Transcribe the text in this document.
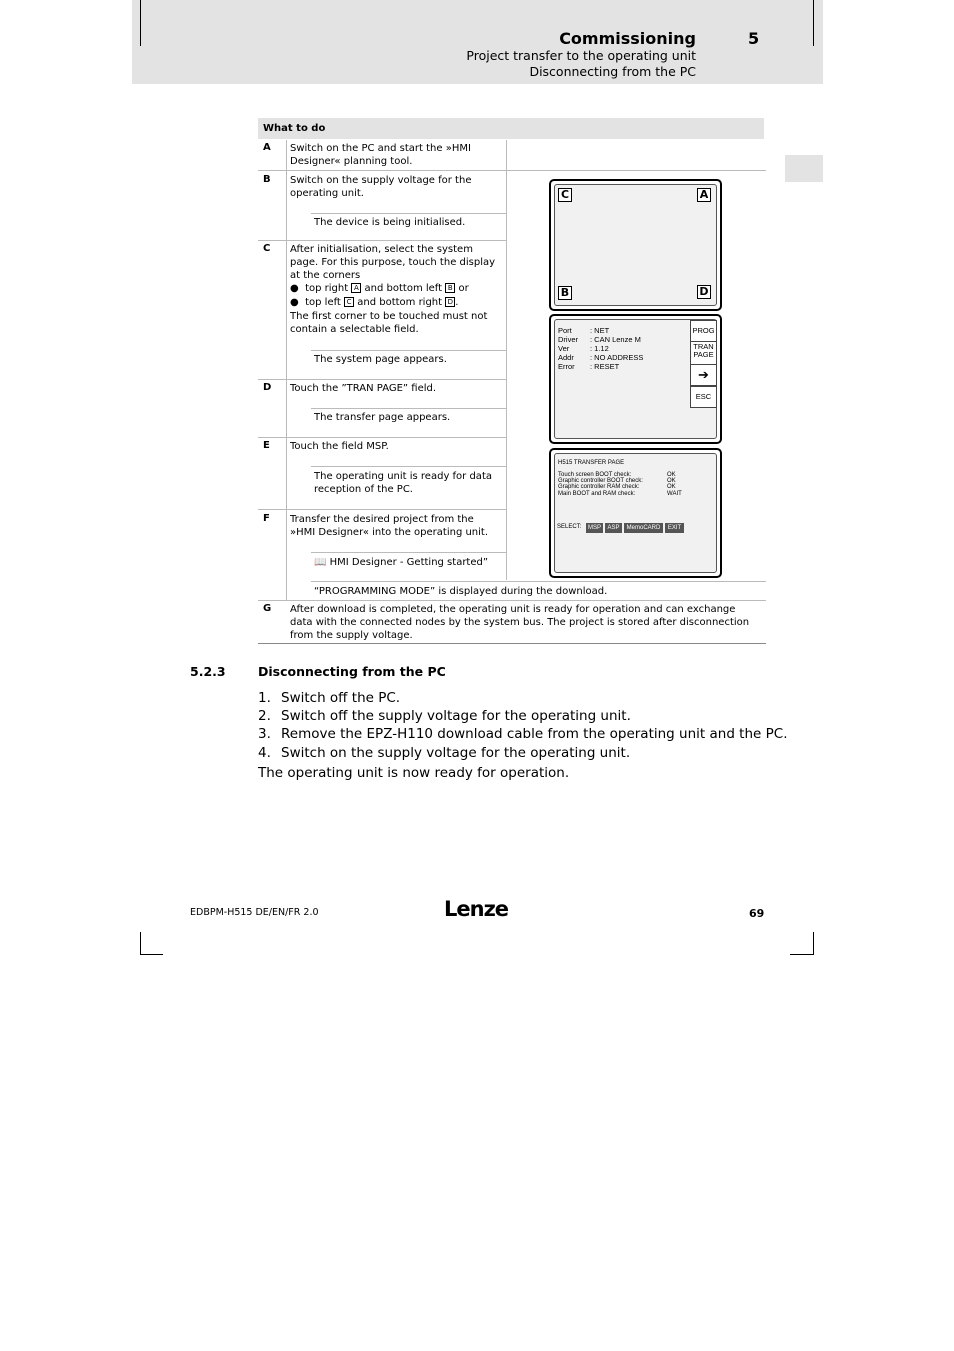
Commissioning	5
Project transfer to the operating unit
Disconnecting from the PC
What to do
A Switch on the PC and start the »HMI Designer« planning tool.
B Switch on the supply voltage for the operating unit.
The device is being initialised.
C After initialisation, select the system page. For this purpose, touch the display at the corners
●  top right A and bottom left B or
●  top left C and bottom right D .
The first corner to be touched must not contain a selectable field.
The system page appears.
D Touch the ”TRAN PAGE” field.
The transfer page appears.
E Touch the field MSP.
The operating unit is ready for data reception of the PC.
F Transfer the desired project from the »HMI Designer« into the operating unit.
📖 HMI Designer - Getting started”
“PROGRAMMING MODE” is displayed during the download.
G After download is completed, the operating unit is ready for operation and can exchange data with the connected nodes by the system bus. The project is stored after disconnection from the supply voltage.
C	A
B	D
Port : NET
Driver : CAN Lenze M
Ver	: 1.12
Addr : NO ADDRESS
Error : RESET
PROG
TRAN
PAGE
➔
ESC
H515 TRANSFER PAGE
Touch screen BOOT check:	OK
Graphic controller BOOT check:	OK
Graphic controller RAM check:	OK
Main BOOT and RAM check:	WAIT
SELECT:	MSP	ASP	MemoCARD	EXIT
5.2.3	Disconnecting from the PC
1. Switch off the PC.
2. Switch off the supply voltage for the operating unit.
3. Remove the EPZ-H110 download cable from the operating unit and the PC.
4. Switch on the supply voltage for the operating unit.
The operating unit is now ready for operation.
EDBPM-H515 DE/EN/FR 2.0	Lenze	69
